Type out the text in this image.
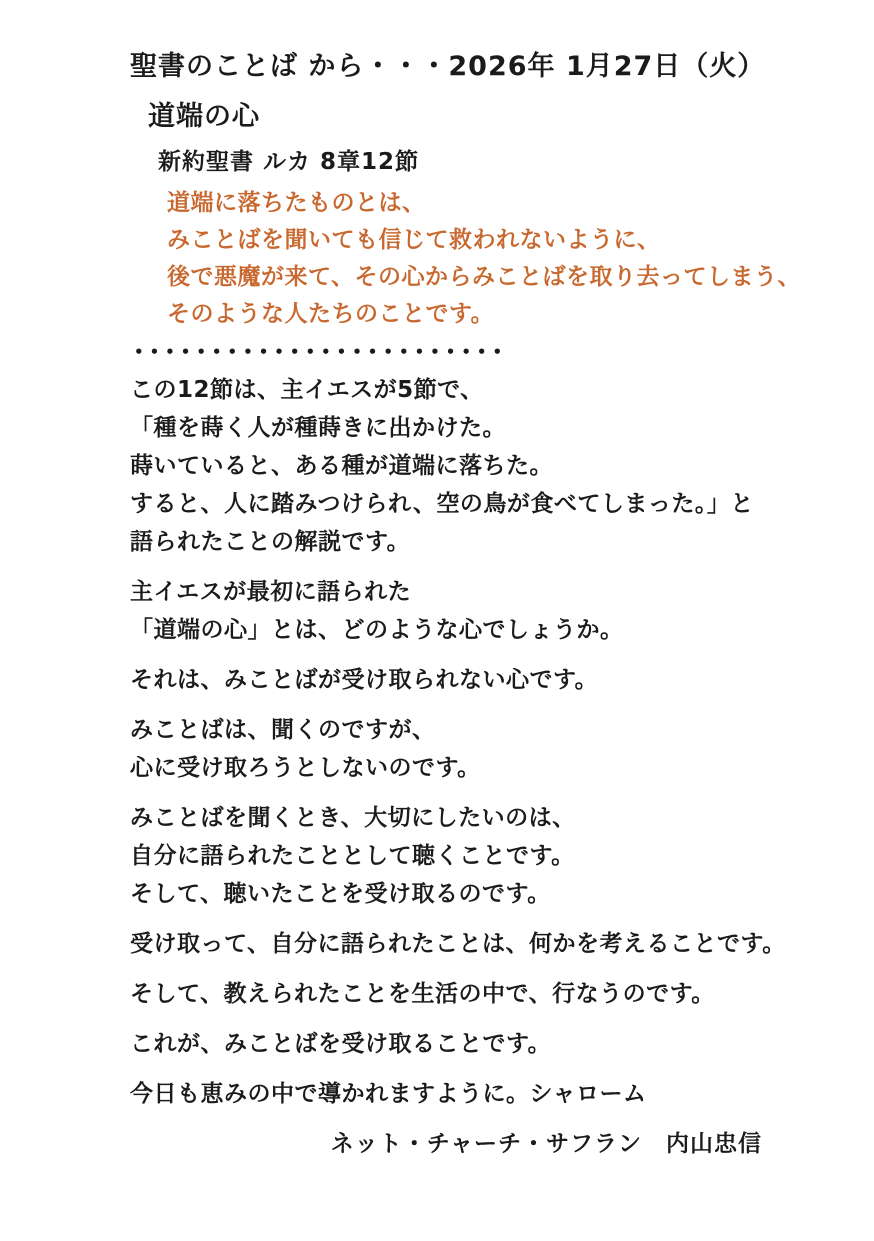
聖書のことば から・・・2026年 1月27日（火）
道端の心
新約聖書 ルカ 8章12節
道端に落ちたものとは、
みことばを聞いても信じて救われないように、
後で悪魔が来て、その心からみことばを取り去ってしまう、
そのような人たちのことです。
••••••••••••••••••••••••

この12節は、主イエスが5節で、
「種を蒔く人が種蒔きに出かけた。
蒔いていると、ある種が道端に落ちた。
すると、人に踏みつけられ、空の鳥が食べてしまった。」と
語られたことの解説です。

主イエスが最初に語られた
「道端の心」とは、どのような心でしょうか。

それは、みことばが受け取られない心です。

みことばは、聞くのですが、
心に受け取ろうとしないのです。

みことばを聞くとき、大切にしたいのは、
自分に語られたこととして聴くことです。
そして、聴いたことを受け取るのです。

受け取って、自分に語られたことは、何かを考えることです。

そして、教えられたことを生活の中で、行なうのです。

これが、みことばを受け取ることです。

今日も恵みの中で導かれますように。シャローム

ネット・チャーチ・サフラン　内山忠信
